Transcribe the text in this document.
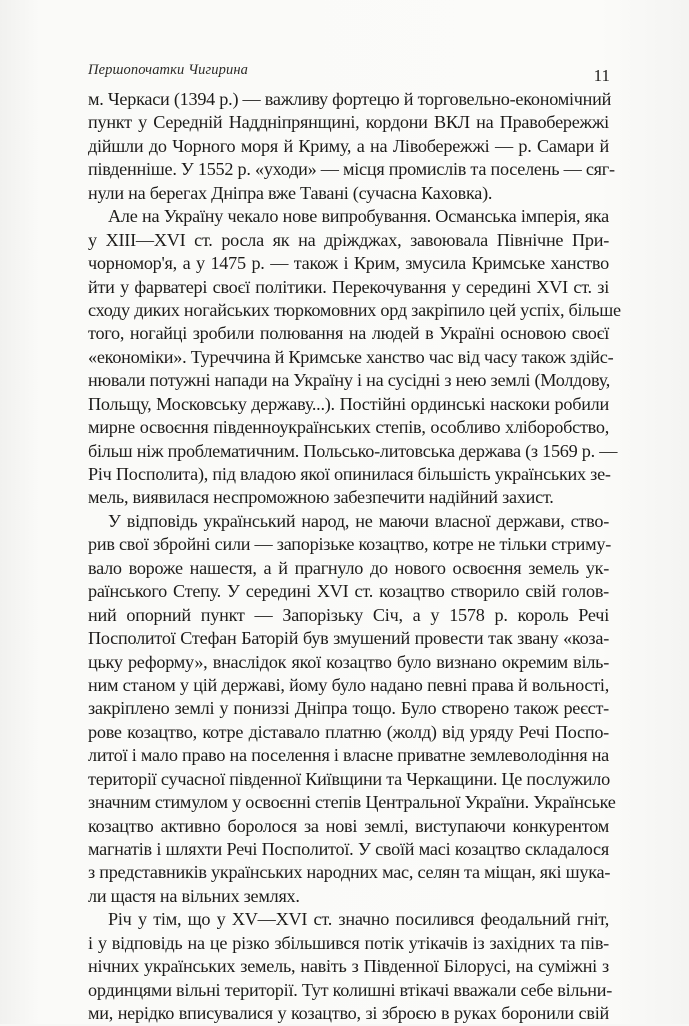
Першопочатки Чигирина	11
м. Черкаси (1394 р.) — важливу фортецю й торговельно-економічний
пункт у Середній Наддніпрянщині, кордони ВКЛ на Правобережжі
дійшли до Чорного моря й Криму, а на Лівобережжі — р. Самари й
південніше. У 1552 р. «уходи» — місця промислів та поселень — сяг-
нули на берегах Дніпра вже Тавані (сучасна Каховка).
Але на Україну чекало нове випробування. Османська імперія, яка
у XIII—XVI ст. росла як на дріжджах, завоювала Північне При-
чорномор'я, а у 1475 р. — також і Крим, змусила Кримське ханство
йти у фарватері своєї політики. Перекочування у середині XVI ст. зі
сходу диких ногайських тюркомовних орд закріпило цей успіх, більше
того, ногайці зробили полювання на людей в Україні основою своєї
«економіки». Туреччина й Кримське ханство час від часу також здійс-
нювали потужні напади на Україну і на сусідні з нею землі (Молдову,
Польщу, Московську державу...). Постійні ординські наскоки робили
мирне освоєння південноукраїнських степів, особливо хліборобство,
більш ніж проблематичним. Польсько-литовська держава (з 1569 р. —
Річ Посполита), під владою якої опинилася більшість українських зе-
мель, виявилася неспроможною забезпечити надійний захист.
У відповідь український народ, не маючи власної держави, ство-
рив свої збройні сили — запорізьке козацтво, котре не тільки стриму-
вало вороже нашестя, а й прагнуло до нового освоєння земель ук-
раїнського Степу. У середині XVI ст. козацтво створило свій голов-
ний опорний пункт — Запорізьку Січ, а у 1578 р. король Речі
Посполитої Стефан Баторій був змушений провести так звану «коза-
цьку реформу», внаслідок якої козацтво було визнано окремим віль-
ним станом у цій державі, йому було надано певні права й вольності,
закріплено землі у пониззі Дніпра тощо. Було створено також реєст-
рове козацтво, котре діставало платню (жолд) від уряду Речі Поспо-
литої і мало право на поселення і власне приватне землеволодіння на
території сучасної південної Київщини та Черкащини. Це послужило
значним стимулом у освоєнні степів Центральної України. Українське
козацтво активно боролося за нові землі, виступаючи конкурентом
магнатів і шляхти Речі Посполитої. У своїй масі козацтво складалося
з представників українських народних мас, селян та міщан, які шука-
ли щастя на вільних землях.
Річ у тім, що у XV—XVI ст. значно посилився феодальний гніт,
і у відповідь на це різко збільшився потік утікачів із західних та пів-
нічних українських земель, навіть з Південної Білорусі, на суміжні з
ординцями вільні території. Тут колишні втікачі вважали себе вільни-
ми, нерідко вписувалися у козацтво, зі зброєю в руках боронили свій
